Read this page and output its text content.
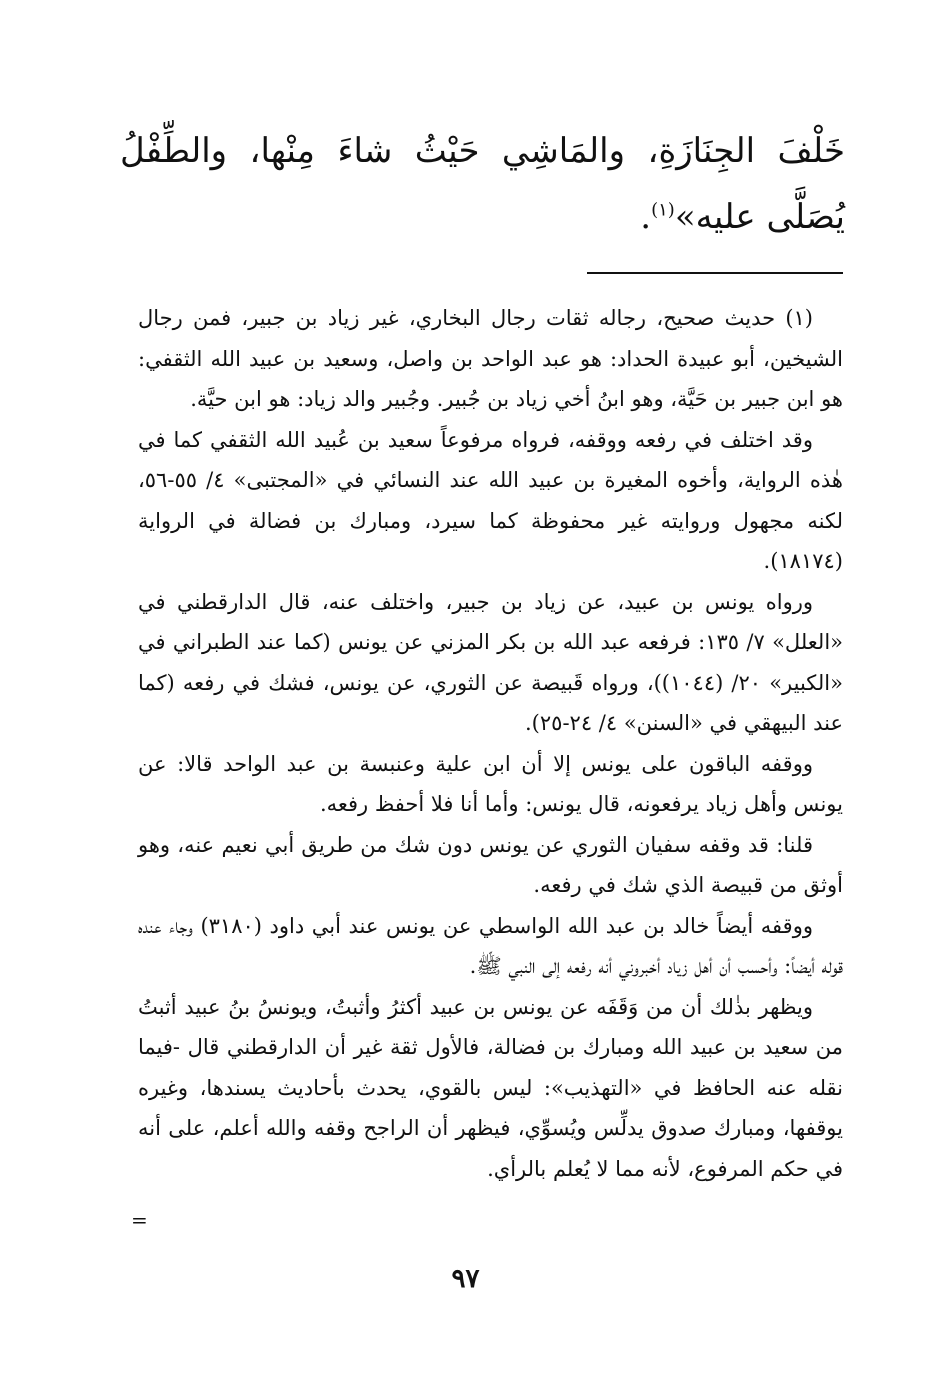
خَلْفَ الجِنَازَةِ، والمَاشِي حَيْثُ شاءَ مِنْها، والطِّفْلُ يُصَلَّى عليه»$^{(١)}$.

(١) حديث صحيح، رجاله ثقات رجال البخاري، غير زياد بن جبير، فمن رجال الشيخين، أبو عبيدة الحداد: هو عبد الواحد بن واصل، وسعيد بن عبيد الله الثقفي: هو ابن جبير بن حَيَّة، وهو ابنُ أخي زياد بن جُبير. وجُبير والد زياد: هو ابن حيَّة.

وقد اختلف في رفعه ووقفه، فرواه مرفوعاً سعيد بن عُبيد الله الثقفي كما في هٰذه الرواية، وأخوه المغيرة بن عبيد الله عند النسائي في «المجتبى» ٤/ ٥٥-٥٦، لكنه مجهول وروايته غير محفوظة كما سيرد، ومبارك بن فضالة في الرواية (١٨١٧٤).

ورواه يونس بن عبيد، عن زياد بن جبير، واختلف عنه، قال الدارقطني في «العلل» ٧/ ١٣٥: فرفعه عبد الله بن بكر المزني عن يونس (كما عند الطبراني في «الكبير» ٢٠/ (١٠٤٤))، ورواه قَبيصة عن الثوري، عن يونس، فشك في رفعه (كما عند البيهقي في «السنن» ٤/ ٢٤-٢٥).

ووقفه الباقون على يونس إلا أن ابن علية وعنبسة بن عبد الواحد قالا: عن يونس وأهل زياد يرفعونه، قال يونس: وأما أنا فلا أحفظ رفعه.

قلنا: قد وقفه سفيان الثوري عن يونس دون شك من طريق أبي نعيم عنه، وهو أوثق من قبيصة الذي شك في رفعه.

ووقفه أيضاً خالد بن عبد الله الواسطي عن يونس عند أبي داود (٣١٨٠) وجاء عنده قوله أيضاً: وأحسب أن أهل زياد أخبروني أنه رفعه إلى النبي ﷺ.

ويظهر بذٰلك أن من وَقَفَه عن يونس بن عبيد أكثرُ وأثبتُ، ويونسُ بنُ عبيد أثبتُ من سعيد بن عبيد الله ومبارك بن فضالة، فالأول ثقة غير أن الدارقطني قال -فيما نقله عنه الحافظ في «التهذيب»: ليس بالقوي، يحدث بأحاديث يسندها، وغيره يوقفها، ومبارك صدوق يدلِّس ويُسوِّي، فيظهر أن الراجح وقفه والله أعلم، على أنه في حكم المرفوع، لأنه مما لا يُعلم بالرأي.

=
٩٧
